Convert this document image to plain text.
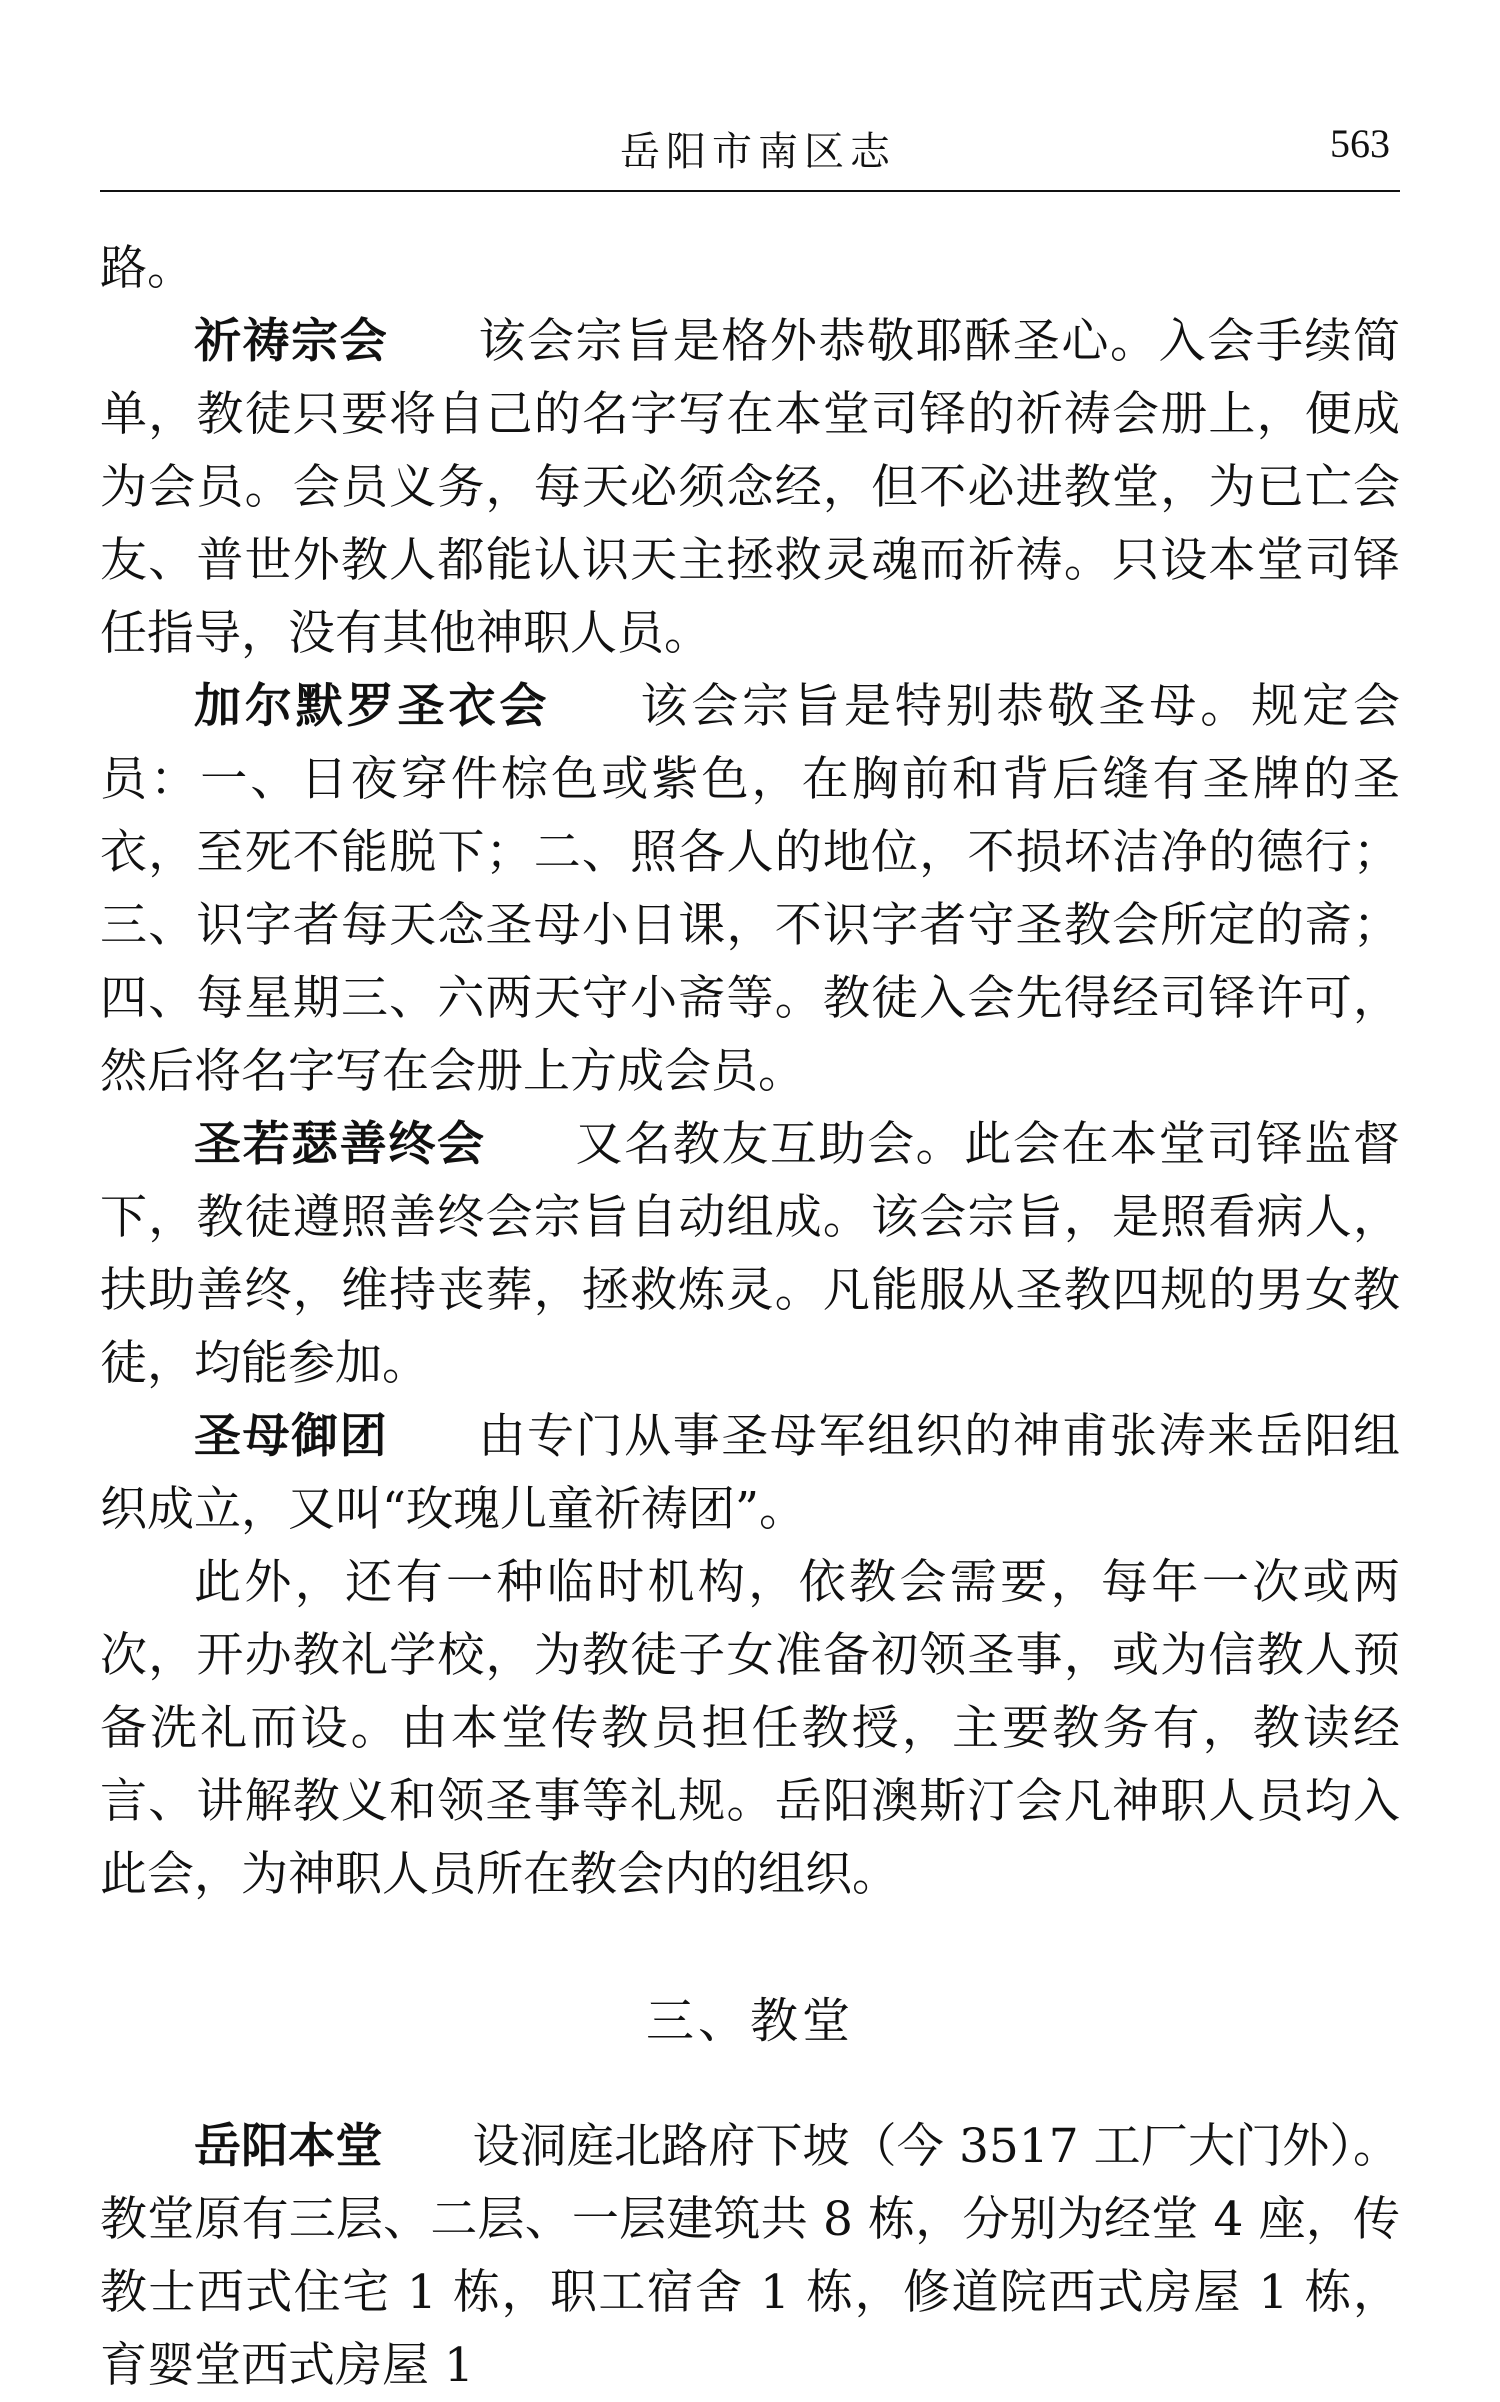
岳阳市南区志	563

路。

祈祷宗会 该会宗旨是格外恭敬耶酥圣心。入会手续简单，教徒只要将自己的名字写在本堂司铎的祈祷会册上，便成为会员。会员义务，每天必须念经，但不必进教堂，为已亡会友、普世外教人都能认识天主拯救灵魂而祈祷。只设本堂司铎任指导，没有其他神职人员。

加尔默罗圣衣会 该会宗旨是特别恭敬圣母。规定会员：一、日夜穿件棕色或紫色，在胸前和背后缝有圣牌的圣衣，至死不能脱下；二、照各人的地位，不损坏洁净的德行；三、识字者每天念圣母小日课，不识字者守圣教会所定的斋；四、每星期三、六两天守小斋等。教徒入会先得经司铎许可，然后将名字写在会册上方成会员。

圣若瑟善终会 又名教友互助会。此会在本堂司铎监督下，教徒遵照善终会宗旨自动组成。该会宗旨，是照看病人，扶助善终，维持丧葬，拯救炼灵。凡能服从圣教四规的男女教徒，均能参加。

圣母御团 由专门从事圣母军组织的神甫张涛来岳阳组织成立，又叫“玫瑰儿童祈祷团”。

此外，还有一种临时机构，依教会需要，每年一次或两次，开办教礼学校，为教徒子女准备初领圣事，或为信教人预备洗礼而设。由本堂传教员担任教授，主要教务有，教读经言、讲解教义和领圣事等礼规。岳阳澳斯汀会凡神职人员均入此会，为神职人员所在教会内的组织。

三、教堂

岳阳本堂 设洞庭北路府下坡（今 3517 工厂大门外）。教堂原有三层、二层、一层建筑共 8 栋，分别为经堂 4 座，传教士西式住宅 1 栋，职工宿舍 1 栋，修道院西式房屋 1 栋，育婴堂西式房屋 1
